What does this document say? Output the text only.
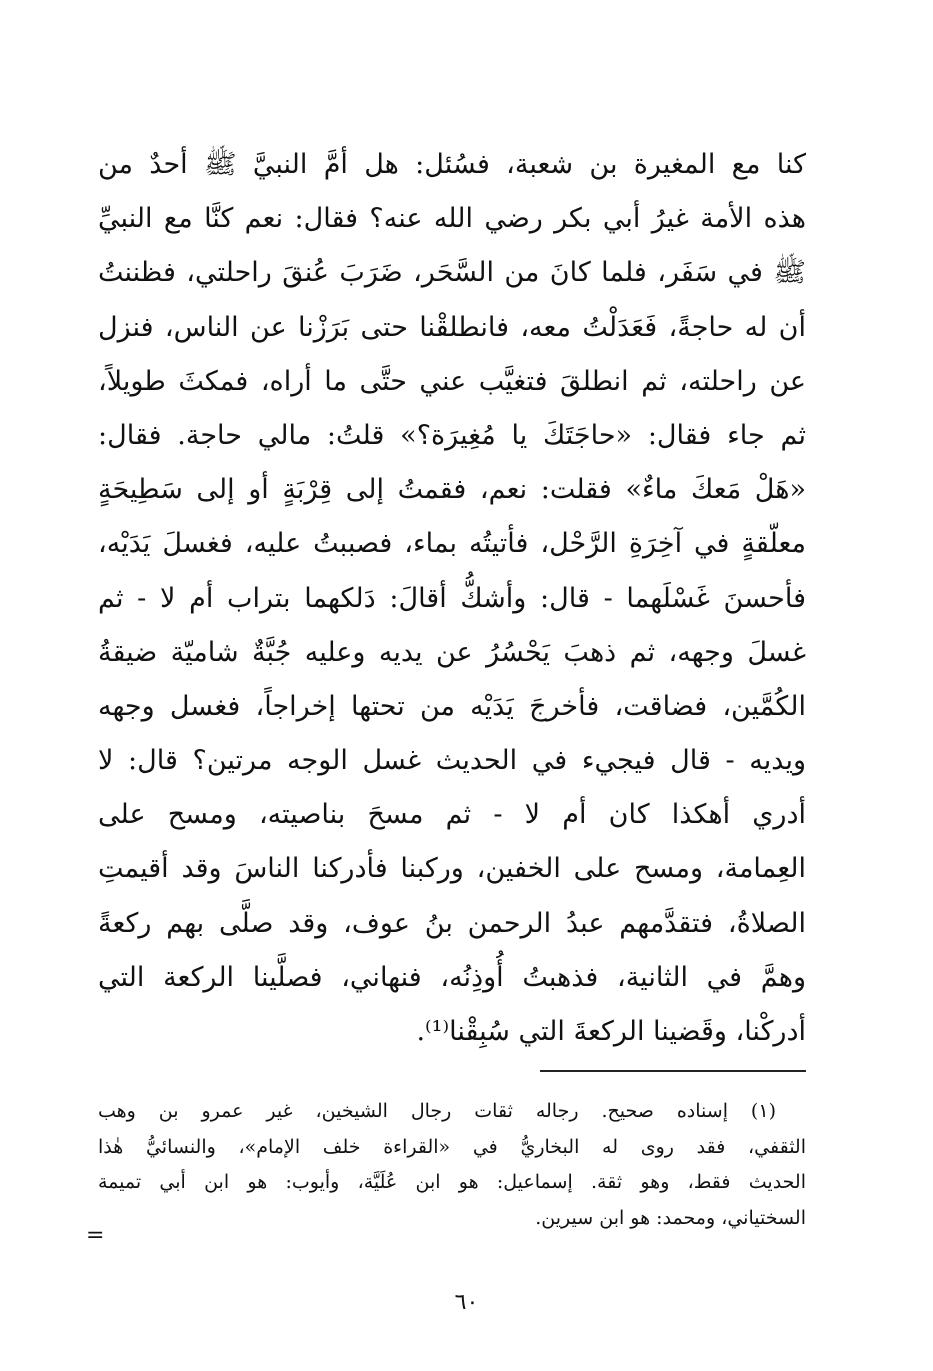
كنا مع المغيرة بن شعبة، فسُئل: هل أمَّ النبيَّ ﷺ أحدٌ من
هذه الأمة غيرُ أبي بكر رضي الله عنه؟ فقال: نعم كنَّا مع النبيِّ
ﷺ في سَفَر، فلما كانَ من السَّحَر، ضَرَبَ عُنقَ راحلتي، فظننتُ
أن له حاجةً، فَعَدَلْتُ معه، فانطلقْنا حتى بَرَزْنا عن الناس، فنزل
عن راحلته، ثم انطلقَ فتغيَّب عني حتَّى ما أراه، فمكثَ طويلاً،
ثم جاء فقال: «حاجَتَكَ يا مُغِيرَة؟» قلتُ: مالي حاجة. فقال:
«هَلْ مَعكَ ماءٌ» فقلت: نعم، فقمتُ إلى قِرْبَةٍ أو إلى سَطِيحَةٍ
معلّقةٍ في آخِرَةِ الرَّحْل، فأتيتُه بماء، فصببتُ عليه، فغسلَ يَدَيْه،
فأحسنَ غَسْلَهما - قال: وأشكُّ أقالَ: دَلكهما بتراب أم لا - ثم
غسلَ وجهه، ثم ذهبَ يَحْسُرُ عن يديه وعليه جُبَّةٌ شاميّة ضيقةُ
الكُمَّين، فضاقت، فأخرجَ يَدَيْه من تحتها إخراجاً، فغسل وجهه
ويديه - قال فيجيء في الحديث غسل الوجه مرتين؟ قال: لا
أدري أهكذا كان أم لا - ثم مسحَ بناصيته، ومسح على
العِمامة، ومسح على الخفين، وركبنا فأدركنا الناسَ وقد أقيمتِ
الصلاةُ، فتقدَّمهم عبدُ الرحمن بنُ عوف، وقد صلَّى بهم ركعةً
وهمَّ في الثانية، فذهبتُ أُوذِنُه، فنهاني، فصلَّينا الركعة التي
أدركْنا، وقَضينا الركعةَ التي سُبِقْنا⁽¹⁾.
(١) إسناده صحيح. رجاله ثقات رجال الشيخين، غير عمرو بن وهب
الثقفي، فقد روى له البخاريُّ في «القراءة خلف الإمام»، والنسائيُّ هٰذا
الحديث فقط، وهو ثقة. إسماعيل: هو ابن عُلَيَّة، وأيوب: هو ابن أبي تميمة
السختياني، ومحمد: هو ابن سيرين.
=
٦٠
